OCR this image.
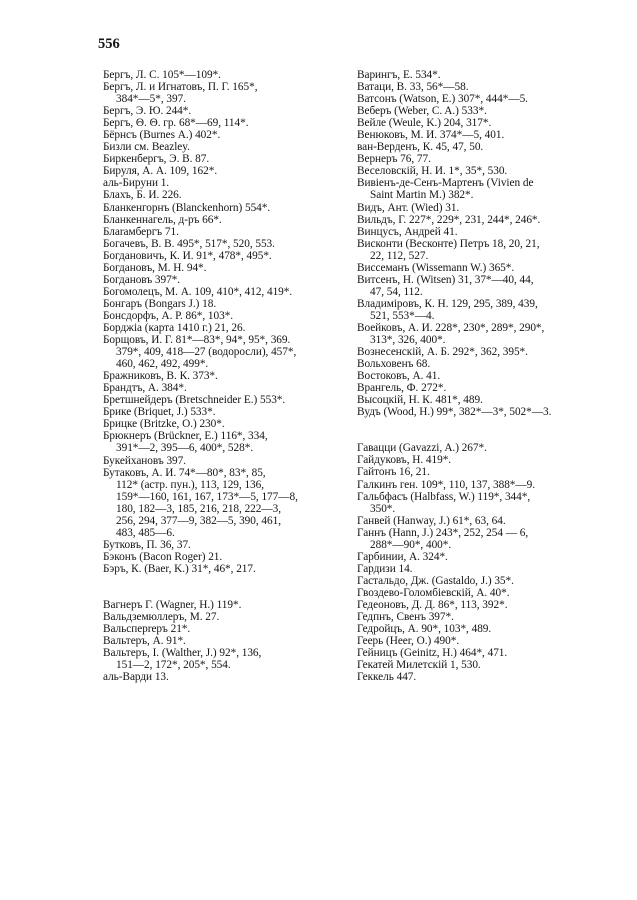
556
Бергъ, Л. С. 105*—109*.
Бергъ, Л. и Игнатовъ, П. Г. 165*,
384*—5*, 397.
Бергъ, Э. Ю. 244*.
Бергъ, Θ. Θ. гр. 68*—69, 114*.
Бёрнсъ (Burnes А.) 402*.
Бизли см. Beazley.
Биркенбергъ, Э. В. 87.
Бируля, А. А. 109, 162*.
аль-Бируни 1.
Блахъ, Б. И. 226.
Бланкенгорнъ (Blanckenhorn) 554*.
Бланкеннагель, д-ръ 66*.
Блаrамбергъ 71.
Богачевъ, В. В. 495*, 517*, 520, 553.
Богдановичъ, К. И. 91*, 478*, 495*.
Богдановъ, М. Н. 94*.
Богдановъ 397*.
Богомолецъ, М. А. 109, 410*, 412, 419*.
Бонгаръ (Bongars J.) 18.
Бонсдорфъ, А. Р. 86*, 103*.
Борджіа (карта 1410 г.) 21, 26.
Борщовъ, И. Г. 81*—83*, 94*, 95*, 369.
379*, 409, 418—27 (водоросли), 457*,
460, 462, 492, 499*.
Бражниковъ, В. К. 373*.
Брандтъ, А. 384*.
Бретшнейдеръ (Bretschneider E.) 553*.
Брике (Briquet, J.) 533*.
Брицке (Britzke, O.) 230*.
Брюкнеръ (Brückner, E.) 116*, 334,
391*—2, 395—6, 400*, 528*.
Букейхановъ 397.
Бутаковъ, А. И. 74*—80*, 83*, 85,
112* (астр. пун.), 113, 129, 136,
159*—160, 161, 167, 173*—5, 177—8,
180, 182—3, 185, 216, 218, 222—3,
256, 294, 377—9, 382—5, 390, 461,
483, 485—6.
Бутковъ, П. 36, 37.
Бэконъ (Bacon Roger) 21.
Бэръ, К. (Baer, K.) 31*, 46*, 217.
Вагнеръ Г. (Wagner, H.) 119*.
Вальдземюллеръ, М. 27.
Вальсперrеръ 21*.
Вальтеръ, А. 91*.
Вальтеръ, I. (Walther, J.) 92*, 136,
151—2, 172*, 205*, 554.
аль-Варди 13.
Варингъ, Е. 534*.
Ватаци, В. 33, 56*—58.
Ватсонъ (Watson, E.) 307*, 444*—5.
Веберъ (Weber, C. A.) 533*.
Вейле (Weule, K.) 204, 317*.
Венюковъ, М. И. 374*—5, 401.
ван-Верденъ, К. 45, 47, 50.
Вернеръ 76, 77.
Веселовскій, Н. И. 1*, 35*, 530.
Вивіенъ-де-Сенъ-Мартенъ (Vivien de
Saint Martin M.) 382*.
Видъ, Ант. (Wied) 31.
Вильдъ, Г. 227*, 229*, 231, 244*, 246*.
Винцусъ, Андрей 41.
Висконти (Весконте) Петръ 18, 20, 21,
22, 112, 527.
Виссеманъ (Wissemann W.) 365*.
Витсенъ, Н. (Witsen) 31, 37*—40, 44,
47, 54, 112.
Владиміровъ, К. Н. 129, 295, 389, 439,
521, 553*—4.
Воейковъ, А. И. 228*, 230*, 289*, 290*,
313*, 326, 400*.
Вознесенскій, А. Б. 292*, 362, 395*.
Вольховенъ 68.
Востоковъ, А. 41.
Врангель, Ф. 272*.
Высоцкій, Н. К. 481*, 489.
Вудъ (Wood, H.) 99*, 382*—3*, 502*—3.
Гавацци (Gavazzi, A.) 267*.
Гайдуковъ, Н. 419*.
Гайтонъ 16, 21.
Галкинъ ген. 109*, 110, 137, 388*—9.
Гальбфасъ (Halbfass, W.) 119*, 344*,
350*.
Ганвей (Hanway, J.) 61*, 63, 64.
Ганнъ (Hann, J.) 243*, 252, 254 — 6,
288*—90*, 400*.
Гарбинии, А. 324*.
Гардизи 14.
Гастальдо, Дж. (Gastaldo, J.) 35*.
Гвоздево-Голомбіевскій, А. 40*.
Гедеоновъ, Д. Д. 86*, 113, 392*.
Гедпнъ, Свенъ 397*.
Гедройцъ, А. 90*, 103*, 489.
Геерь (Heer, O.) 490*.
Гейницъ (Geinitz, H.) 464*, 471.
Гекатей Милетскій 1, 530.
Геккель 447.
